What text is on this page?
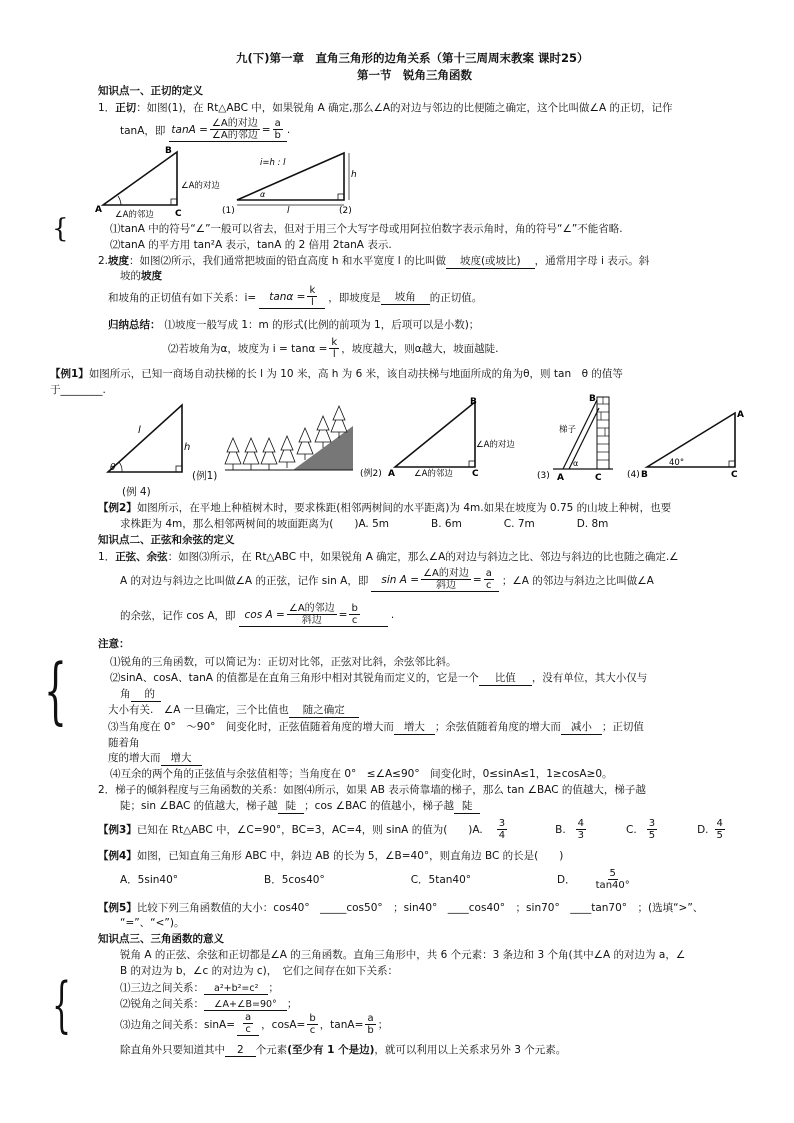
九(下)第一章　直角三角形的边角关系（第十三周周末教案 课时25）
第一节　锐角三角函数
知识点一、正切的定义
1．正切：如图(1)，在 Rt△ABC 中，如果锐角 A 确定,那么∠A的对边与邻边的比便随之确定，这个比叫做∠A 的正切，记作
tanA，即 $\tan A = \frac{\text{∠A的对边}}{\text{∠A的邻边}} = \frac{a}{b}$ .
B
A	C
∠A的对边
∠A的邻边
i=h : l
h
l
α
(1)	(2)
{	⑴tanA 中的符号“∠”一般可以省去，但对于用三个大写字母或用阿拉伯数字表示角时，角的符号“∠”不能省略.
⑵tanA 的平方用 tan²A 表示，tanA 的 2 倍用 2tanA 表示.
2.坡度：如图⑵所示，我们通常把坡面的铅直高度 h 和水平宽度 l 的比叫做 坡度(或坡比) ，通常用字母 i 表示。斜
坡的坡度
和坡角的正切值有如下关系：$i= \tan\alpha = \frac{k}{l}$ ，即坡度是	坡角	的正切值。
归纳总结： ⑴坡度一般写成 1：m 的形式(比例的前项为 1，后项可以是小数)；
⑵若坡角为α，坡度为 $i = \tan\alpha = \frac{k}{l}$ ，坡度越大，则α越大，坡面越陡.
【例1】如图所示，已知一商场自动扶梯的长 l 为 10 米，高 h 为 6 米，该自动扶梯与地面所成的角为θ，则 tan　θ 的值等
于________.
l
h
θ
(例1)
B
A	C
∠A的对边
∠A的邻边
(例2)
B
A	C
梯子
α
(3)
A
B	C
40°
(4)
(例 4)
【例2】如图所示，在平地上种植树木时，要求株距(相邻两树间的水平距离)为 4m.如果在坡度为 0.75 的山坡上种树，也要
求株距为 4m，那么相邻两树间的坡面距离为(　　)A. 5m　　　　B. 6m　　　　C. 7m　　　　D. 8m
知识点二、正弦和余弦的定义
1．正弦、余弦：如图⑶所示，在 Rt△ABC 中，如果锐角 A 确定，那么∠A的对边与斜边之比、邻边与斜边的比也随之确定.∠
A 的对边与斜边之比叫做∠A 的正弦，记作 sin A，即 $\sin A = \frac{\text{∠A的对边}}{\text{斜边}} = \frac{a}{c}$ ；∠A 的邻边与斜边之比叫做∠A
的余弦，记作 cos A，即 $\cos A = \frac{\text{∠A的邻边}}{\text{斜边}} = \frac{b}{c}$	.
注意：
{	⑴锐角的三角函数，可以简记为：正切对比邻，正弦对比斜，余弦邻比斜。
⑵sinA、cosA、tanA 的值都是在直角三角形中相对其锐角而定义的，它是一个 比值 ，没有单位，其大小仅与
角 的
大小有关.　∠A 一旦确定，三个比值也 随之确定
⑶当角度在 0°　～90°　间变化时，正弦值随着角度的增大而 增大 ；余弦值随着角度的增大而 减小 ；正切值
随着角
度的增大而 增大
⑷互余的两个角的正弦值与余弦值相等；当角度在 0°　≤∠A≤90°　间变化时，0≤sinA≤1，1≥cosA≥0。
2．梯子的倾斜程度与三角函数的关系：如图⑷所示，如果 AB 表示倚靠墙的梯子，那么 tan ∠BAC 的值越大，梯子越
陡；sin ∠BAC 的值越大，梯子越 陡 ；cos ∠BAC 的值越小，梯子越 陡
【例3】 已知在 Rt△ABC 中，∠C=90°，BC=3，AC=4，则 sinA 的值为(　　)A. $\frac{3}{4}$	B. $\frac{4}{3}$	C. $\frac{3}{5}$	D. $\frac{4}{5}$
【例4】如图，已知直角三角形 ABC 中，斜边 AB 的长为 5，∠B=40°，则直角边 BC 的长是(　　)
A．5sin40°	B．5cos40°	C．5tan40°	D． $\frac{5}{\tan 40^\circ}$
【例5】比较下列三角函数值的大小：cos40°　_____cos50°　；sin40°　____cos40°　；sin70°　____tan70°　；(选填“>”、
“=”、“<”)。
知识点三、三角函数的意义
锐角 A 的正弦、余弦和正切都是∠A 的三角函数。直角三角形中，共 6 个元素：3 条边和 3 个角(其中∠A 的对边为 a，∠
B 的对边为 b，∠c 的对边为 c)，　它们之间存在如下关系：
{	⑴三边之间关系： a²+b²=c² ；
⑵锐角之间关系： ∠A+∠B=90° ；
⑶边角之间关系：$\sin A= \frac{a}{c}$ ，$\cos A= \frac{b}{c}$ ，$\tan A= \frac{a}{b}$ ；
除直角外只要知道其中 2 个元素(至少有 1 个是边)，就可以利用以上关系求另外 3 个元素。
